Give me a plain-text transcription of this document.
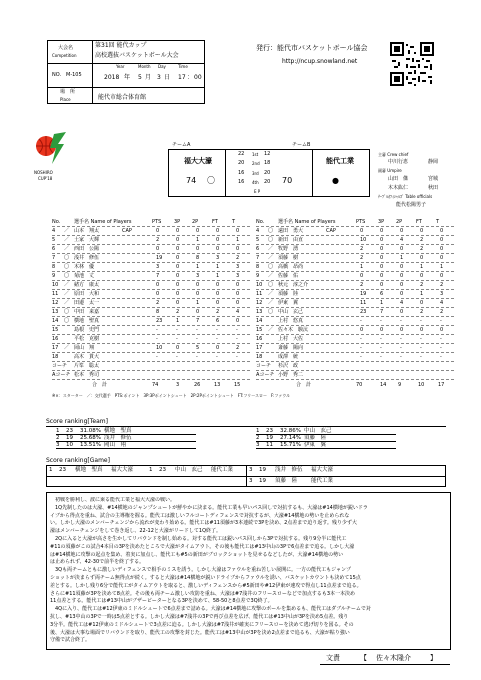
大会名
Competition
第31回 能代カップ
高校選抜バスケットボール大会
NO. M-105
Year	Month Day	Time
2018 年 5 月 3 日 17 ： 00
場　所
Place	能代市総合体育館
発行：能代市バスケットボール協会
http://ncup.snowland.net
NOSHIRO
CUP'18
チームA	チームB
福大大濠	能代工業
74 〇	70	●
22 1st 12
20 2nd 18
16 3rd 20
16 4th 20
E P
主審 Crew chief
中川行恵	静岡
副審 Umpire
山田　傑	宮城
木木紘仁	秋田
ﾃｰﾌﾞﾙｵﾌｨｼｬﾙｽﾞ Table officials
能代松陽男子
No.	選手名 Name of Players	PTS	3P 2P	FT	T
4 ／ 山本　翔太	CAP	0	0	0	0	0
5 ／ 土家　大輝	2	0	1	0	1
6 ／ 西田　公陽	0	0	0	0	0
7 〇 浅井　修伍	19	0	8	3	2
8 〇 木林　優	3	0	1	1	3
9 〇 菊池　丈	7	0	3	1	3
10 ／ 緒方　康太	0	0	0	0	0
11 ／ 原田　大和	0	0	0	0	0
12 ／ 田邉　太一	2	0	1	0	0
13 〇 中田　来嘉	8	2	0	2	4
14 〇 横地　聖真	23	1	7	6	0
15	島根　史門	-	-	-	-	-
16	平松　克樹	-	-	-	-	-
17 ／ 岡山　翔	10	0	5	0	2
18	高木　貫大	-	-	-	-	-
コーチ 片峯　聡太
Aコーチ 松本　秀司
合　計	74	3	26	13	15
No.	選手名 Name of Players	PTS	3P 2P	FT	T
4 〇 遠田　勇大	CAP	0	0	0	0	0
5 〇 新田　由直	10	0	4	2	0
6 ／ 牧野　湧	2	0	0	2	0
7 ／ 須藤　樹	2	0	1	0	0
8 〇 高橋　昂尚	1	0	0	1	1
9 ／ 佐藤　佑	0	0	0	0	0
10 〇 秋元　淳之介	2	0	0	2	2
11 ／ 須藤　陸	19	6	0	1	3
12 ／ 伊東　翼	11	1	4	0	4
13 〇 中山　玄己	23	7	0	2	2
14	上村　悠真	-	-	-	-	-
15 ／ 佐々木　駿汰	0	0	0	0	0
16	上村　大佐	-	-	-	-	-
17	斎藤　陽向	-	-	-	-	-
18	成澤　統	-	-	-	-	-
コーチ 杉沢　政
Aコーチ 小野　秀二
合　計	70	14 9	10	17
※×：スターター　／：交代選手　PTS:ポイント　3P:3Pポイントシュート　2P:2Pポイントシュート　FT:フリースロー　F:ファウル
Score ranking[Team]
1 23 31.08% 横地　聖真
2 19 25.68% 浅井　修伍
3 10 13.51% 岡山　翔
1 23 32.86% 中山　玄己
2 19 27.14% 須藤　陸
3 11 15.71% 伊東　翼
Score ranking[Game]
1 23 横地　聖真 福大大濠	1 23 中山　玄己 能代工業	3 19 浅井　修伍 福大大濠
3 19 須藤　陸	能代工業
　初戦を勝利し、波に乗る能代工業と福大大濠の戦い。
　1Q先制したのは大濠、#14横地のジャンプシュートが鮮やかに決まる。能代工業も早いパス回しで対抗するも、大濠は#14横地が鋭いドラ
イブから得点を重ね、試合の主導権を握る。能代工は激しいフルコートディフェンスで対抗するが、大濠#14横地の勢いを止められな
い。しかし大濠のメンバーチェンジから流れが変わり始める。能代工は#11須藤が3本連続で3Pを決め、2点差まで迫り返す。残り少ず大
濠はメンバーチェンジをして巻き返し、22-12と大濠がリードして1Q終了。
　2Qに入ると大濠が高さを生かしてリバウンドを制し始める。対する能代工は鋭いパス回しから3Pで対抗する。残り9分半に能代工
#11の須藤がこの試合4本目の3Pを決めたところで大濠がタイムアウト。その後も能代工は#13中山の3Pで6点差まで追る。しかし大濠
は#14横地に攻撃の起点を集め、着実に加点し、能代工も#5の新田がブロックショットを見せるなどしたが、大濠#14横地の勢い
は止められず、42-30で前半を終了する。
　3Qも両チームともに激しいディフェンスで相手のミスを誘う。しかし大濠はファウルを重ね苦しい展開に。一方の能代工もジャンプ
ショットが決まらず両チーム無得点が続く。すると大濠は#14横地が鋭いドライブからファウルを誘い、バスケットカウントも決めて15点
差とする。しかし残り6分で能代工がタイムアウトを取ると、激しいディフェンスから#5新田や#12伊東が速攻で得点し11点差まで追る。
さらに#11須藤が3Pを決めて8点差。その後も両チーム激しい攻防を重ね、大濠は#7浅井のフリースローなどで加点するも3本一本決め
11点差とする。能代工は#13中山がブザービーターとなる3Pを決めて、58-50と8点差で3Q終了。
　4Qに入り、能代工は#12伊東のミドルシュートで6点差まで詰める。大濠は#14横地に攻撃のボールを集めるも、能代工はダブルチームで対
抗し、#13中山の3Pで一時は5点差とする。しかし大濠は#7浅井の3Pで再び点差を広げ、能代工は#13中山が3Pを決め5点差。残り
3分半。能代工は#12伊東のミドルシュートで3点差に迫る。しかし大濠は#7浅井が確実にフリースローを決めて逃げ切りを図る。その
後、大濠は大事な場面でリバウンドを取り、能代工の攻撃を封じた。能代工は#13中山が3Pを決め2点差まで追るも、大濠が粘り強い
守備で試合終了。
文責	【 佐々木隆介	】
